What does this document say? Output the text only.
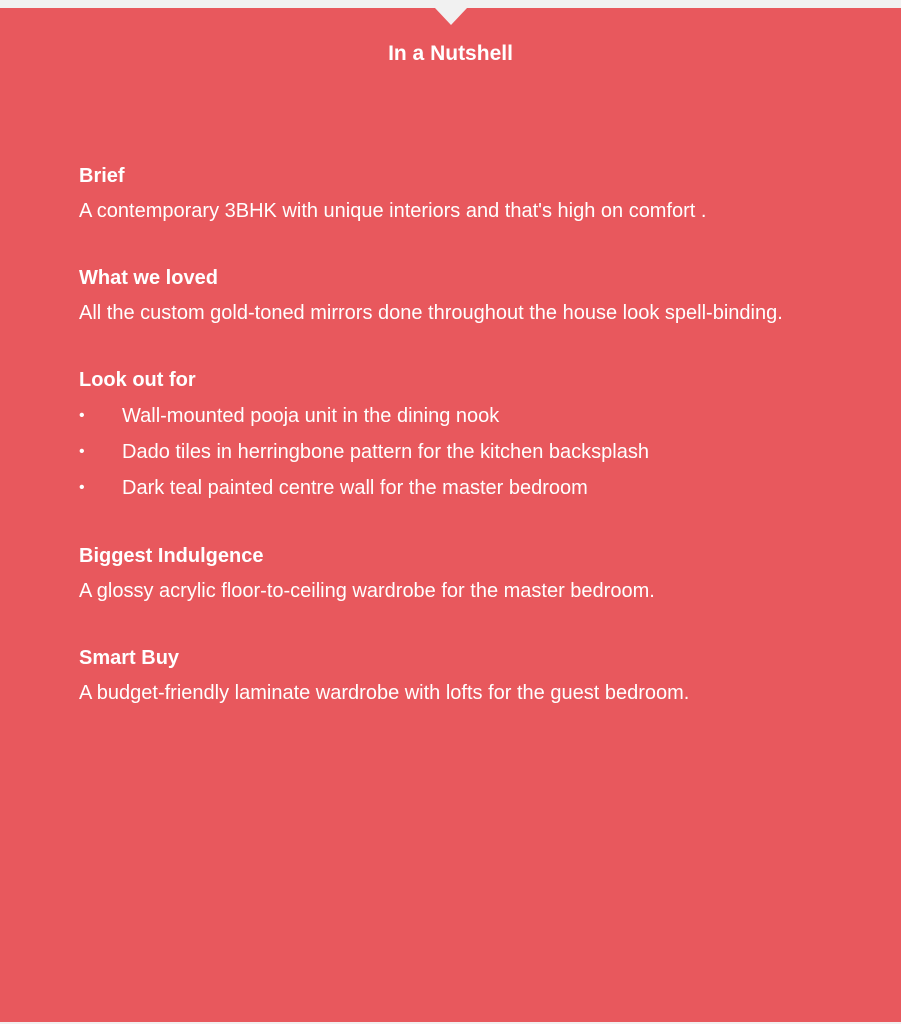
In a Nutshell
Brief

A contemporary 3BHK with unique interiors and that's high on comfort .

What we loved

All the custom gold-toned mirrors done throughout the house look spell-binding.

Look out for
• Wall-mounted pooja unit in the dining nook
• Dado tiles in herringbone pattern for the kitchen backsplash
• Dark teal painted centre wall for the master bedroom
Biggest Indulgence

A glossy acrylic floor-to-ceiling wardrobe for the master bedroom.

Smart Buy

A budget-friendly laminate wardrobe with lofts for the guest bedroom.
